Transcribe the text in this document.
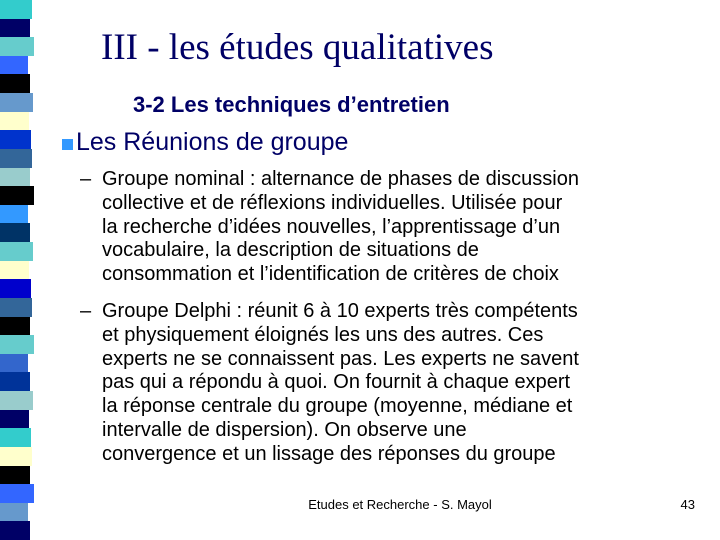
III - les études qualitatives
3-2 Les techniques d’entretien
Les Réunions de groupe
– Groupe nominal : alternance de phases de discussion
collective et de réflexions individuelles. Utilisée pour
la recherche d’idées nouvelles, l’apprentissage d’un
vocabulaire, la description de situations de
consommation et l’identification de critères de choix
– Groupe Delphi : réunit 6 à 10 experts très compétents
et physiquement éloignés les uns des autres. Ces
experts ne se connaissent pas. Les experts ne savent
pas qui a répondu à quoi. On fournit à chaque expert
la réponse centrale du groupe (moyenne, médiane et
intervalle de dispersion). On observe une
convergence et un lissage des réponses du groupe
Etudes et Recherche - S. Mayol	43
